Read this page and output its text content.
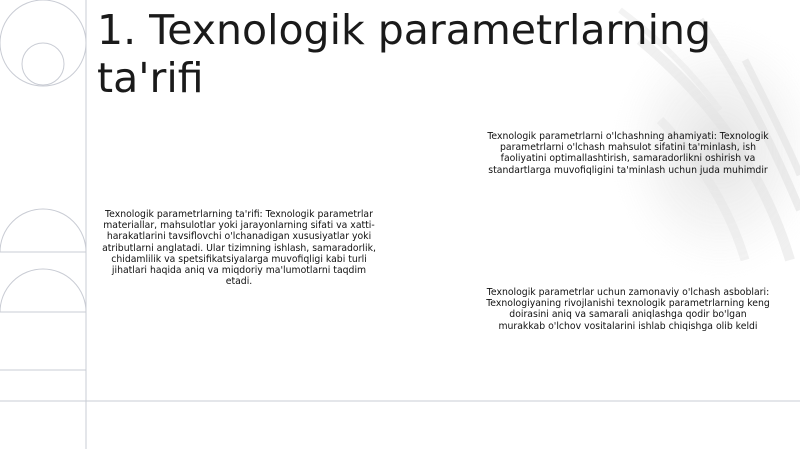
1. Texnologik parametrlarning ta'rifi

Texnologik parametrlarning ta'rifi: Texnologik parametrlar materiallar, mahsulotlar yoki jarayonlarning sifati va xatti-harakatlarini tavsiflovchi o'lchanadigan xususiyatlar yoki atributlarni anglatadi. Ular tizimning ishlash, samaradorlik, chidamlilik va spetsifikatsiyalarga muvofiqligi kabi turli jihatlari haqida aniq va miqdoriy ma'lumotlarni taqdim etadi.

Texnologik parametrlarni o'lchashning ahamiyati: Texnologik parametrlarni o'lchash mahsulot sifatini ta'minlash, ish faoliyatini optimallashtirish, samaradorlikni oshirish va standartlarga muvofiqligini ta'minlash uchun juda muhimdir

Texnologik parametrlar uchun zamonaviy o'lchash asboblari: Texnologiyaning rivojlanishi texnologik parametrlarning keng doirasini aniq va samarali aniqlashga qodir bo'lgan murakkab o'lchov vositalarini ishlab chiqishga olib keldi
